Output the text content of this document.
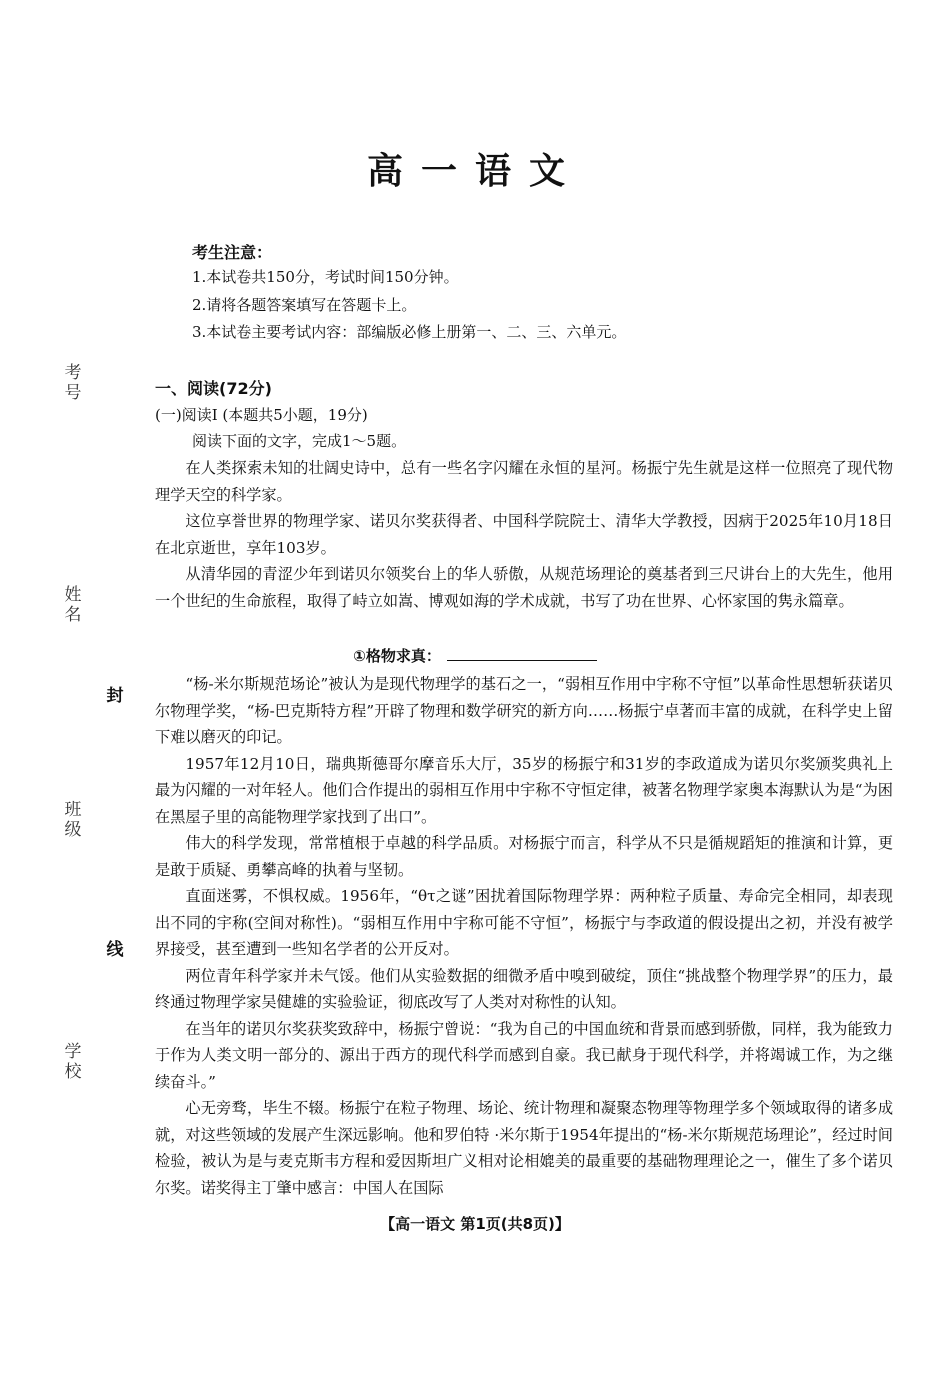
高一语文
考生注意：
1.本试卷共150分，考试时间150分钟。
2.请将各题答案填写在答题卡上。
3.本试卷主要考试内容：部编版必修上册第一、二、三、六单元。
考号
姓名
封
班级
线
学校
一、阅读(72分)
(一)阅读Ⅰ (本题共5小题，19分)
阅读下面的文字，完成1～5题。

在人类探索未知的壮阔史诗中，总有一些名字闪耀在永恒的星河。杨振宁先生就是这样一位照亮了现代物理学天空的科学家。

这位享誉世界的物理学家、诺贝尔奖获得者、中国科学院院士、清华大学教授，因病于2025年10月18日在北京逝世，享年103岁。

从清华园的青涩少年到诺贝尔领奖台上的华人骄傲，从规范场理论的奠基者到三尺讲台上的大先生，他用一个世纪的生命旅程，取得了峙立如嵩、博观如海的学术成就，书写了功在世界、心怀家国的隽永篇章。

①格物求真：

“杨-米尔斯规范场论”被认为是现代物理学的基石之一，“弱相互作用中宇称不守恒”以革命性思想斩获诺贝尔物理学奖，“杨-巴克斯特方程”开辟了物理和数学研究的新方向……杨振宁卓著而丰富的成就，在科学史上留下难以磨灭的印记。

1957年12月10日，瑞典斯德哥尔摩音乐大厅，35岁的杨振宁和31岁的李政道成为诺贝尔奖颁奖典礼上最为闪耀的一对年轻人。他们合作提出的弱相互作用中宇称不守恒定律，被著名物理学家奥本海默认为是“为困在黑屋子里的高能物理学家找到了出口”。

伟大的科学发现，常常植根于卓越的科学品质。对杨振宁而言，科学从不只是循规蹈矩的推演和计算，更是敢于质疑、勇攀高峰的执着与坚韧。

直面迷雾，不惧权威。1956年，“θτ之谜”困扰着国际物理学界：两种粒子质量、寿命完全相同，却表现出不同的宇称(空间对称性)。“弱相互作用中宇称可能不守恒”，杨振宁与李政道的假设提出之初，并没有被学界接受，甚至遭到一些知名学者的公开反对。

两位青年科学家并未气馁。他们从实验数据的细微矛盾中嗅到破绽，顶住“挑战整个物理学界”的压力，最终通过物理学家吴健雄的实验验证，彻底改写了人类对对称性的认知。

在当年的诺贝尔奖获奖致辞中，杨振宁曾说：“我为自己的中国血统和背景而感到骄傲，同样，我为能致力于作为人类文明一部分的、源出于西方的现代科学而感到自豪。我已献身于现代科学，并将竭诚工作，为之继续奋斗。”

心无旁骛，毕生不辍。杨振宁在粒子物理、场论、统计物理和凝聚态物理等物理学多个领域取得的诸多成就，对这些领域的发展产生深远影响。他和罗伯特 ·米尔斯于1954年提出的“杨-米尔斯规范场理论”，经过时间检验，被认为是与麦克斯韦方程和爱因斯坦广义相对论相媲美的最重要的基础物理理论之一，催生了多个诺贝尔奖。诺奖得主丁肇中感言：中国人在国际

【高一语文 第1页(共8页)】
